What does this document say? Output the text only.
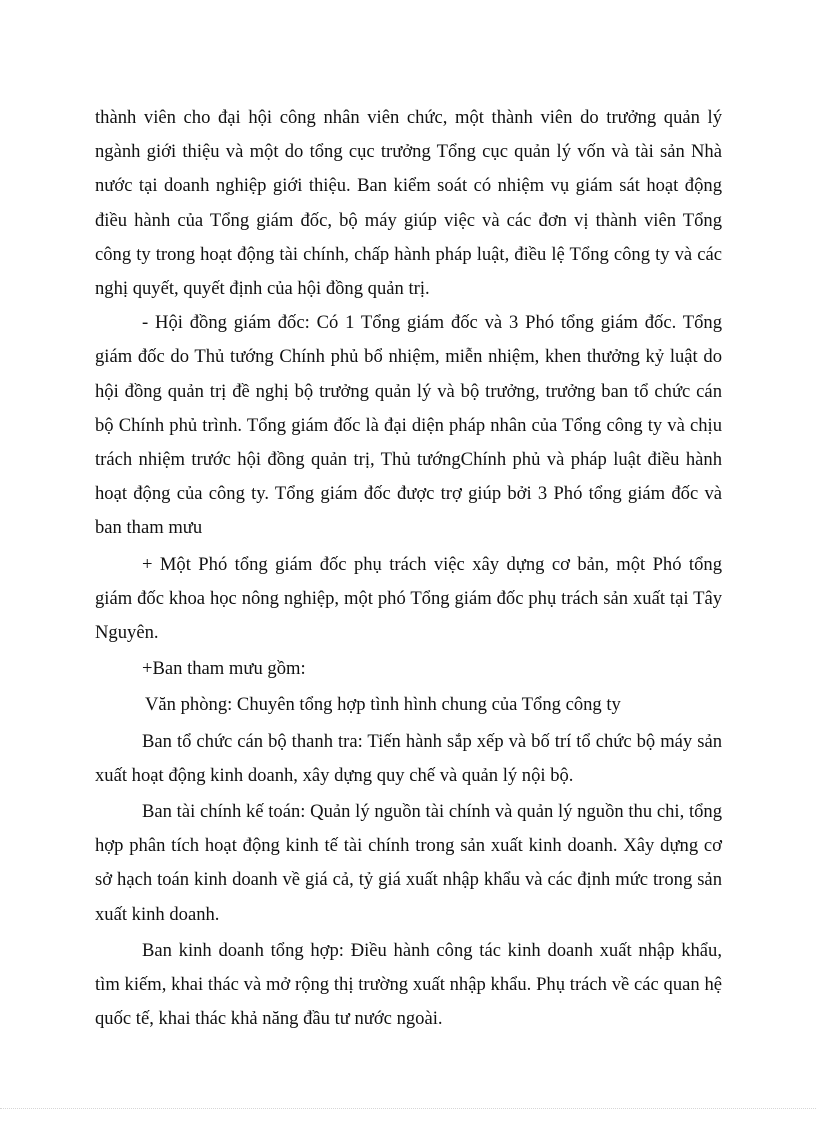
thành viên cho đại hội công nhân viên chức, một thành viên do trưởng quản lý ngành giới thiệu và một do tổng cục trưởng Tổng cục quản lý vốn và tài sản Nhà nước tại doanh nghiệp giới thiệu. Ban kiểm soát có nhiệm vụ giám sát hoạt động điều hành của Tổng giám đốc, bộ máy giúp việc và các đơn vị thành viên Tổng công ty trong hoạt động tài chính, chấp hành pháp luật, điều lệ Tổng công ty và các nghị quyết, quyết định của hội đồng quản trị.

- Hội đồng giám đốc: Có 1 Tổng giám đốc và 3 Phó tổng giám đốc. Tổng giám đốc do Thủ tướng Chính phủ bổ nhiệm, miễn nhiệm, khen thưởng kỷ luật do hội đồng quản trị đề nghị bộ trưởng quản lý và bộ trưởng, trưởng ban tổ chức cán bộ Chính phủ trình. Tổng giám đốc là đại diện pháp nhân của Tổng công ty và chịu trách nhiệm trước hội đồng quản trị, Thủ tướngChính phủ và pháp luật điều hành hoạt động của công ty. Tổng giám đốc được trợ giúp bởi 3 Phó tổng giám đốc và ban tham mưu

+ Một Phó tổng giám đốc phụ trách việc xây dựng cơ bản, một Phó tổng giám đốc khoa học nông nghiệp, một phó Tổng giám đốc phụ trách sản xuất tại Tây Nguyên.

+Ban tham mưu gồm:

Văn phòng: Chuyên tổng hợp tình hình chung của Tổng công ty

Ban tổ chức cán bộ thanh tra: Tiến hành sắp xếp và bố trí tổ chức bộ máy sản xuất hoạt động kinh doanh, xây dựng quy chế và quản lý nội bộ.

Ban tài chính kế toán: Quản lý nguồn tài chính và quản lý nguồn thu chi, tổng hợp phân tích hoạt động kinh tế tài chính trong sản xuất kinh doanh. Xây dựng cơ sở hạch toán kinh doanh về giá cả, tỷ giá xuất nhập khẩu và các định mức trong sản xuất kinh doanh.

Ban kinh doanh tổng hợp: Điều hành công tác kinh doanh xuất nhập khẩu, tìm kiếm, khai thác và mở rộng thị trường xuất nhập khẩu. Phụ trách về các quan hệ quốc tế, khai thác khả năng đầu tư nước ngoài.
